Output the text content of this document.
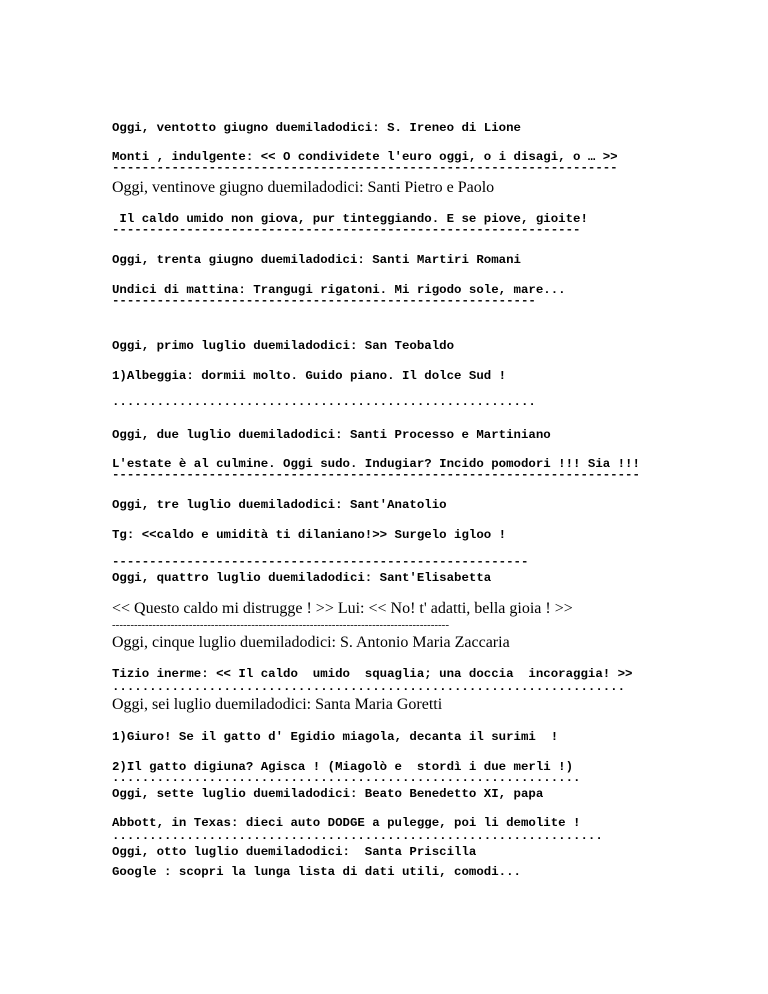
Oggi, ventotto giugno duemiladodici: S. Ireneo di Lione
Monti , indulgente: << O condividete l'euro oggi, o i disagi, o … >>
--------------------------------------------------------------------
Oggi, ventinove giugno duemiladodici: Santi Pietro e Paolo
Il caldo umido non giova, pur tinteggiando. E se piove, gioite!
---------------------------------------------------------------
Oggi, trenta giugno duemiladodici: Santi Martiri Romani
Undici di mattina: Trangugi rigatoni. Mi rigodo sole, mare...
---------------------------------------------------------
Oggi, primo luglio duemiladodici: San Teobaldo
1)Albeggia: dormii molto. Guido piano. Il dolce Sud !
.........................................................
Oggi, due luglio duemiladodici: Santi Processo e Martiniano
L'estate è al culmine. Oggi sudo. Indugiar? Incido pomodori !!! Sia !!!
-----------------------------------------------------------------------
Oggi, tre luglio duemiladodici: Sant'Anatolio
Tg: <<caldo e umidità ti dilaniano!>> Surgelo igloo !
--------------------------------------------------------
Oggi, quattro luglio duemiladodici: Sant'Elisabetta
<< Questo caldo mi distrugge ! >> Lui: << No! t' adatti, bella gioia ! >>
--------------------------------------------------------------------------------------------
Oggi, cinque luglio duemiladodici: S. Antonio Maria Zaccaria
Tizio inerme: << Il caldo  umido  squaglia; una doccia  incoraggia! >>
.....................................................................
Oggi, sei luglio duemiladodici: Santa Maria Goretti
1)Giuro! Se il gatto d' Egidio miagola, decanta il surimi  !
2)Il gatto digiuna? Agisca ! (Miagolò e  stordì i due merli !)
...............................................................
Oggi, sette luglio duemiladodici: Beato Benedetto XI, papa
Abbott, in Texas: dieci auto DODGE a pulegge, poi li demolite !
..................................................................
Oggi, otto luglio duemiladodici:  Santa Priscilla
Google : scopri la lunga lista di dati utili, comodi...
